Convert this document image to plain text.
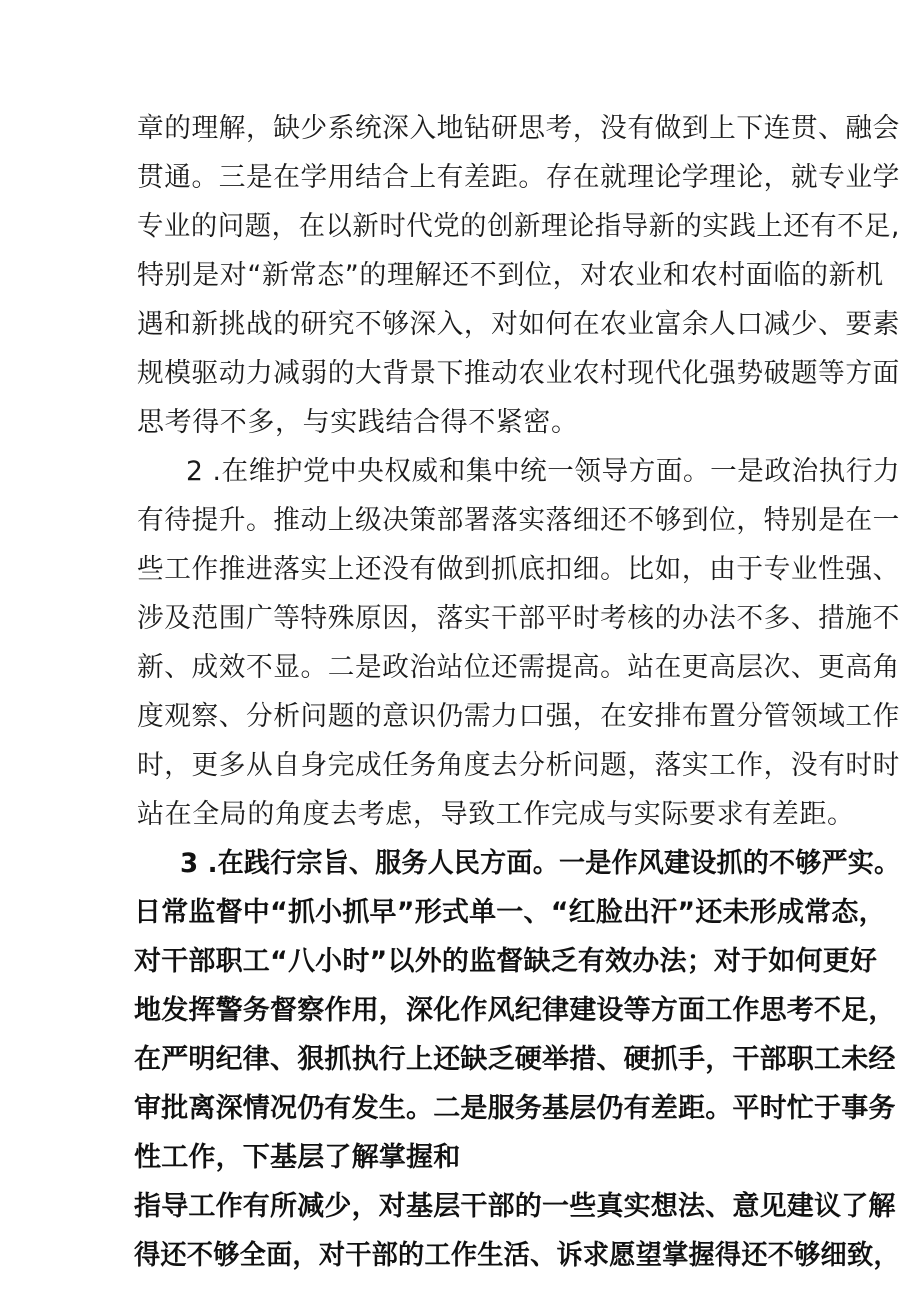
章的理解，缺少系统深入地钻研思考，没有做到上下连贯、融会
贯通。三是在学用结合上有差距。存在就理论学理论，就专业学
专业的问题，在以新时代党的创新理论指导新的实践上还有不足,
特别是对“新常态”的理解还不到位，对农业和农村面临的新机
遇和新挑战的研究不够深入，对如何在农业富余人口减少、要素
规模驱动力减弱的大背景下推动农业农村现代化强势破题等方面
思考得不多，与实践结合得不紧密。
2 .在维护党中央权威和集中统一领导方面。一是政治执行力
有待提升。推动上级决策部署落实落细还不够到位，特别是在一
些工作推进落实上还没有做到抓底扣细。比如，由于专业性强、
涉及范围广等特殊原因，落实干部平时考核的办法不多、措施不
新、成效不显。二是政治站位还需提高。站在更高层次、更高角
度观察、分析问题的意识仍需力口强，在安排布置分管领域工作
时，更多从自身完成任务角度去分析问题，落实工作，没有时时
站在全局的角度去考虑，导致工作完成与实际要求有差距。
3 .在践行宗旨、服务人民方面。一是作风建设抓的不够严实。
日常监督中“抓小抓早”形式单一、“红脸出汗”还未形成常态，
对干部职工“八小时”以外的监督缺乏有效办法；对于如何更好
地发挥警务督察作用，深化作风纪律建设等方面工作思考不足，
在严明纪律、狠抓执行上还缺乏硬举措、硬抓手，干部职工未经
审批离深情况仍有发生。二是服务基层仍有差距。平时忙于事务
性工作，下基层了解掌握和
指导工作有所减少，对基层干部的一些真实想法、意见建议了解
得还不够全面，对干部的工作生活、诉求愿望掌握得还不够细致，
